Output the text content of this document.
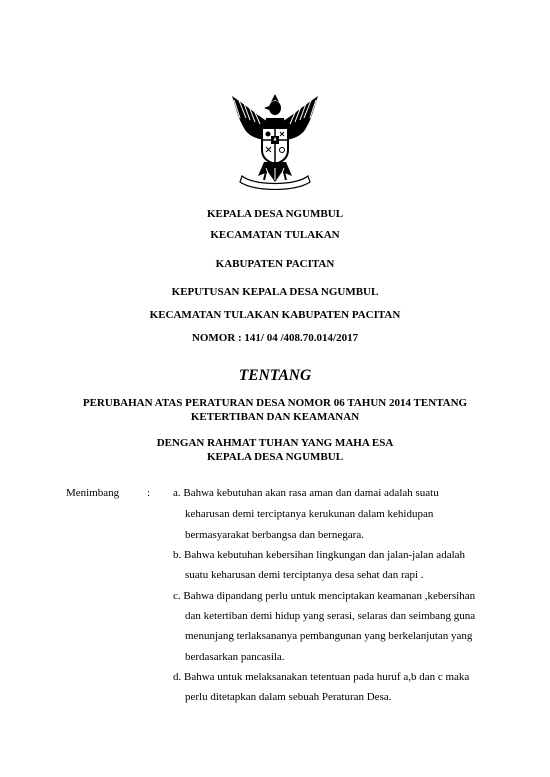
KEPALA DESA NGUMBUL
KECAMATAN TULAKAN
KABUPATEN PACITAN
KEPUTUSAN KEPALA DESA NGUMBUL
KECAMATAN TULAKAN KABUPATEN PACITAN
NOMOR : 141/ 04 /408.70.014/2017
TENTANG
PERUBAHAN ATAS PERATURAN DESA NOMOR 06 TAHUN 2014 TENTANG
KETERTIBAN DAN KEAMANAN
DENGAN RAHMAT TUHAN YANG MAHA ESA
KEPALA DESA NGUMBUL
Menimbang	: a. Bahwa kebutuhan akan rasa aman dan damai adalah suatu
keharusan demi terciptanya kerukunan dalam kehidupan
bermasyarakat berbangsa dan bernegara.
b. Bahwa kebutuhan kebersihan lingkungan dan jalan-jalan adalah
suatu keharusan demi terciptanya desa sehat dan rapi .
c. Bahwa dipandang perlu untuk menciptakan keamanan ,kebersihan
dan ketertiban demi hidup yang serasi, selaras dan seimbang guna
menunjang terlaksananya pembangunan yang berkelanjutan yang
berdasarkan pancasila.
d. Bahwa untuk melaksanakan tetentuan pada huruf a,b dan c maka
perlu ditetapkan dalam sebuah Peraturan Desa.
